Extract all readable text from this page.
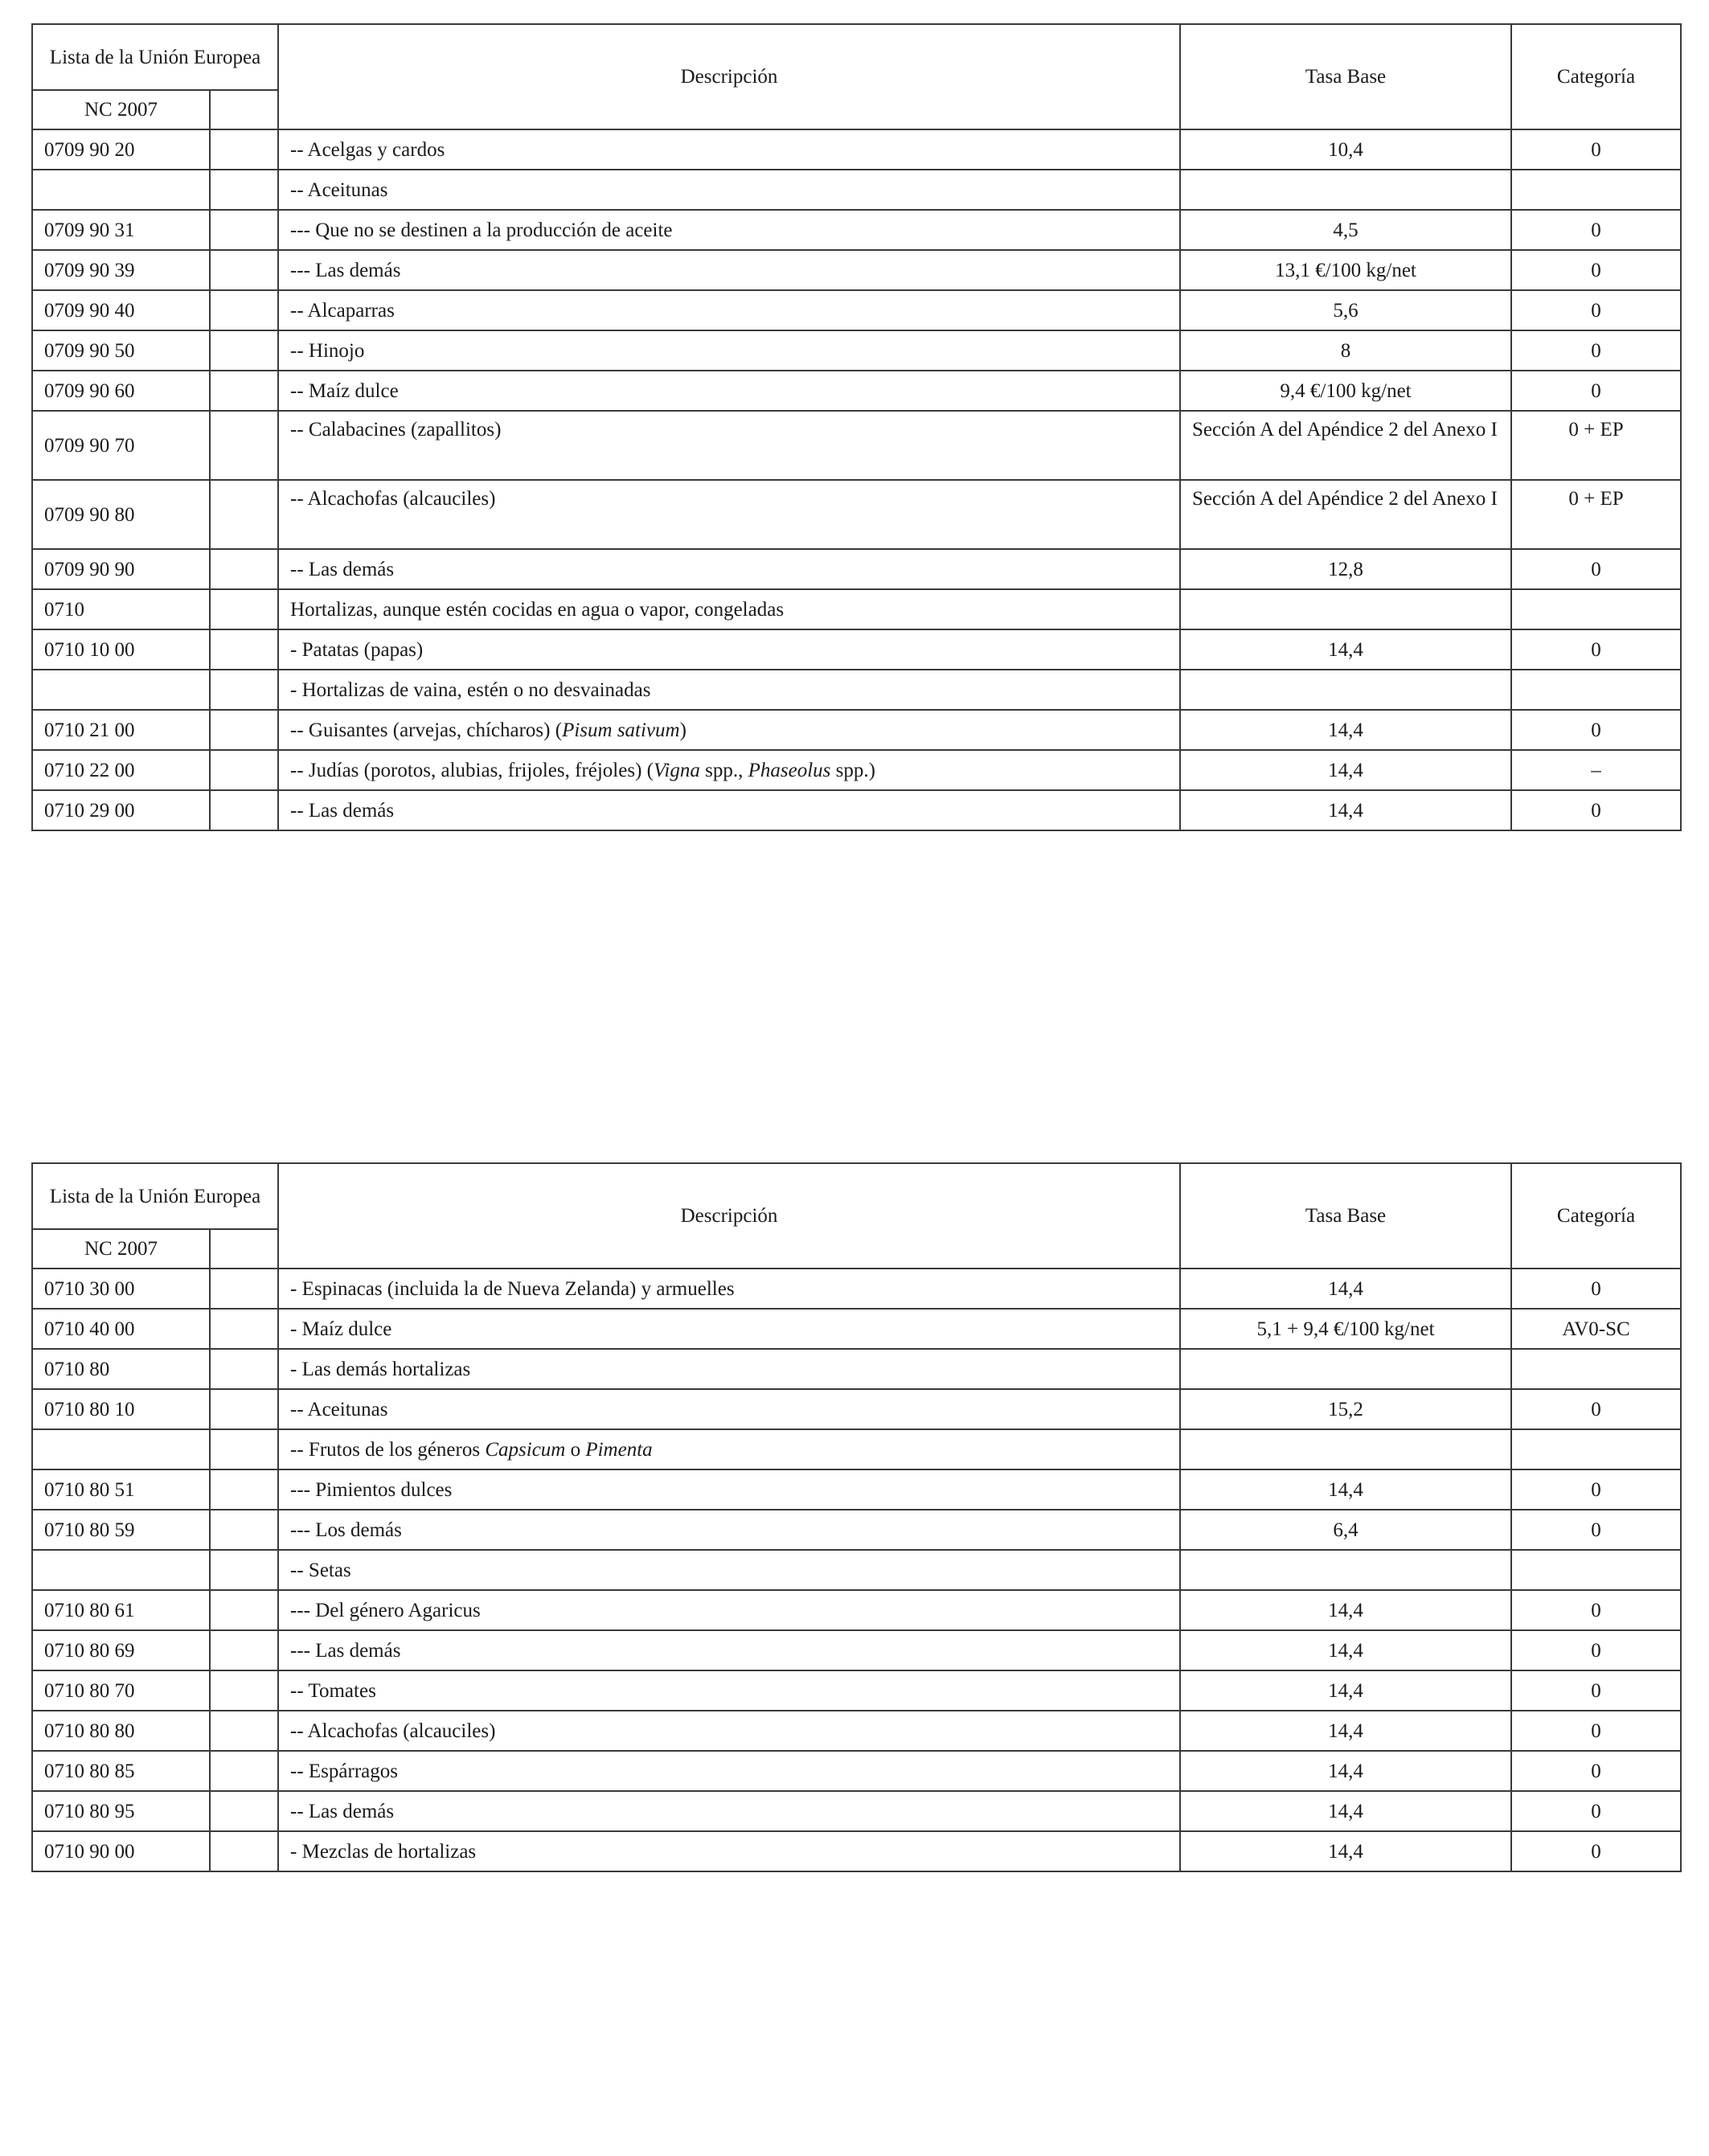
Lista de la Unión Europea		Descripción	Tasa Base	Categoría
NC 2007				
0709 90 20		-- Acelgas y cardos	10,4	0
		-- Aceitunas		
0709 90 31		--- Que no se destinen a la producción de aceite	4,5	0
0709 90 39		--- Las demás	13,1 €/100 kg/net	0
0709 90 40		-- Alcaparras	5,6	0
0709 90 50		-- Hinojo	8	0
0709 90 60		-- Maíz dulce	9,4 €/100 kg/net	0
0709 90 70		-- Calabacines (zapallitos)	Sección A del Apéndice 2 del Anexo I	0 + EP
0709 90 80		-- Alcachofas (alcauciles)	Sección A del Apéndice 2 del Anexo I	0 + EP
0709 90 90		-- Las demás	12,8	0
0710		Hortalizas, aunque estén cocidas en agua o vapor, congeladas		
0710 10 00		- Patatas (papas)	14,4	0
		- Hortalizas de vaina, estén o no desvainadas		
0710 21 00		-- Guisantes (arvejas, chícharos) (Pisum sativum)	14,4	0
0710 22 00		-- Judías (porotos, alubias, frijoles, fréjoles) (Vigna spp., Phaseolus spp.)	14,4	–
0710 29 00		-- Las demás	14,4	0
Lista de la Unión Europea		Descripción	Tasa Base	Categoría
NC 2007				
0710 30 00		- Espinacas (incluida la de Nueva Zelanda) y armuelles	14,4	0
0710 40 00		- Maíz dulce	5,1 + 9,4 €/100 kg/net	AV0-SC
0710 80		- Las demás hortalizas		
0710 80 10		-- Aceitunas	15,2	0
		-- Frutos de los géneros Capsicum o Pimenta		
0710 80 51		--- Pimientos dulces	14,4	0
0710 80 59		--- Los demás	6,4	0
		-- Setas		
0710 80 61		--- Del género Agaricus	14,4	0
0710 80 69		--- Las demás	14,4	0
0710 80 70		-- Tomates	14,4	0
0710 80 80		-- Alcachofas (alcauciles)	14,4	0
0710 80 85		-- Espárragos	14,4	0
0710 80 95		-- Las demás	14,4	0
0710 90 00		- Mezclas de hortalizas	14,4	0
